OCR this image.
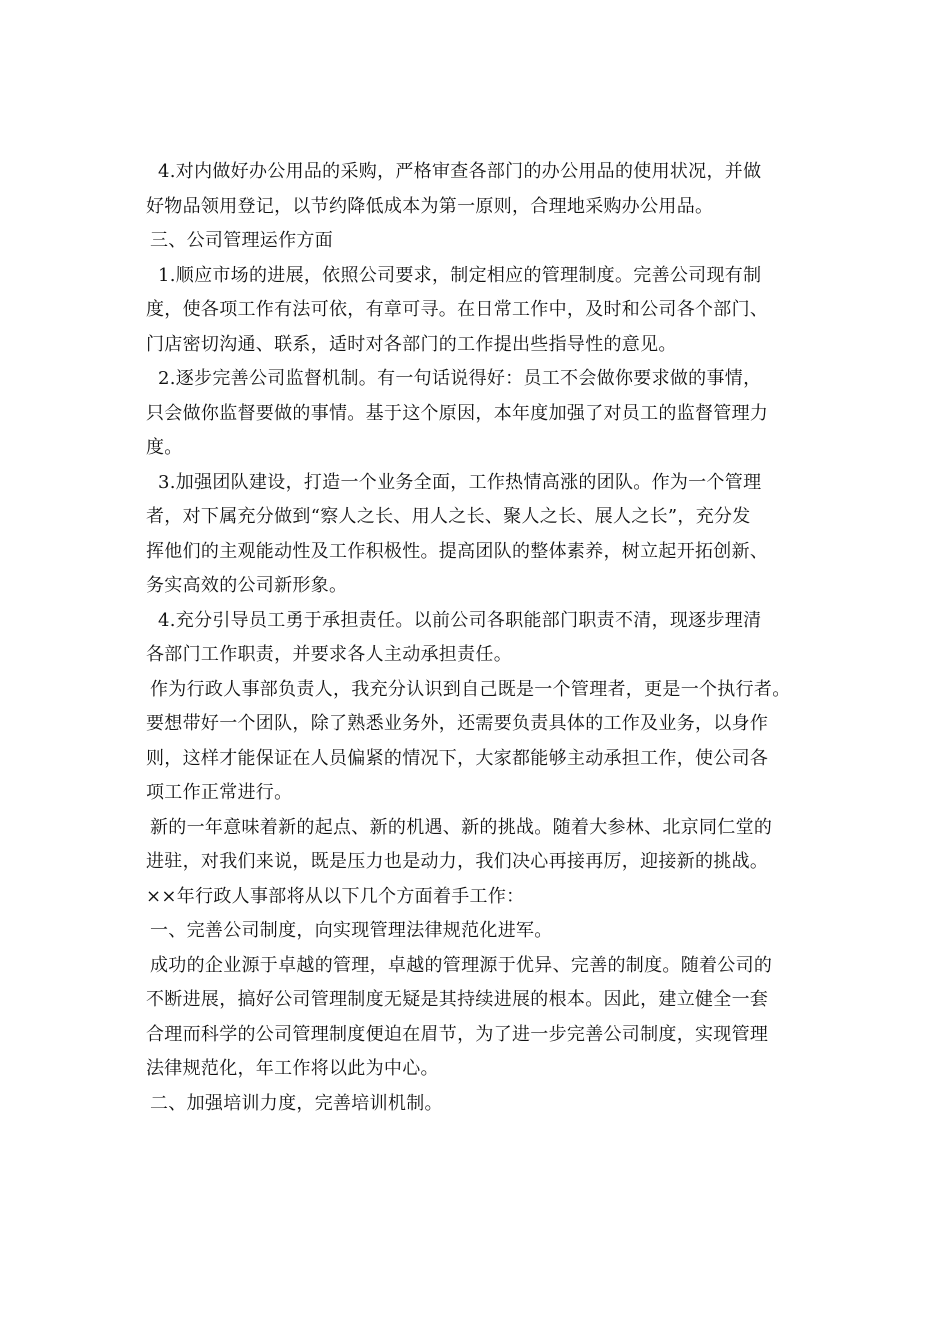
4.对内做好办公用品的采购，严格审查各部门的办公用品的使用状况，并做
好物品领用登记，以节约降低成本为第一原则，合理地采购办公用品。
三、公司管理运作方面
1.顺应市场的进展，依照公司要求，制定相应的管理制度。完善公司现有制
度，使各项工作有法可依，有章可寻。在日常工作中，及时和公司各个部门、
门店密切沟通、联系，适时对各部门的工作提出些指导性的意见。
2.逐步完善公司监督机制。有一句话说得好：员工不会做你要求做的事情，
只会做你监督要做的事情。基于这个原因，本年度加强了对员工的监督管理力
度。
3.加强团队建设，打造一个业务全面，工作热情高涨的团队。作为一个管理
者，对下属充分做到“察人之长、用人之长、聚人之长、展人之长”，充分发
挥他们的主观能动性及工作积极性。提高团队的整体素养，树立起开拓创新、
务实高效的公司新形象。
4.充分引导员工勇于承担责任。以前公司各职能部门职责不清，现逐步理清
各部门工作职责，并要求各人主动承担责任。
作为行政人事部负责人，我充分认识到自己既是一个管理者，更是一个执行者。
要想带好一个团队，除了熟悉业务外，还需要负责具体的工作及业务，以身作
则，这样才能保证在人员偏紧的情况下，大家都能够主动承担工作，使公司各
项工作正常进行。
新的一年意味着新的起点、新的机遇、新的挑战。随着大参林、北京同仁堂的
进驻，对我们来说，既是压力也是动力，我们决心再接再厉，迎接新的挑战。
××年行政人事部将从以下几个方面着手工作：
一、完善公司制度，向实现管理法律规范化进军。
成功的企业源于卓越的管理，卓越的管理源于优异、完善的制度。随着公司的
不断进展，搞好公司管理制度无疑是其持续进展的根本。因此，建立健全一套
合理而科学的公司管理制度便迫在眉节，为了进一步完善公司制度，实现管理
法律规范化，年工作将以此为中心。
二、加强培训力度，完善培训机制。
